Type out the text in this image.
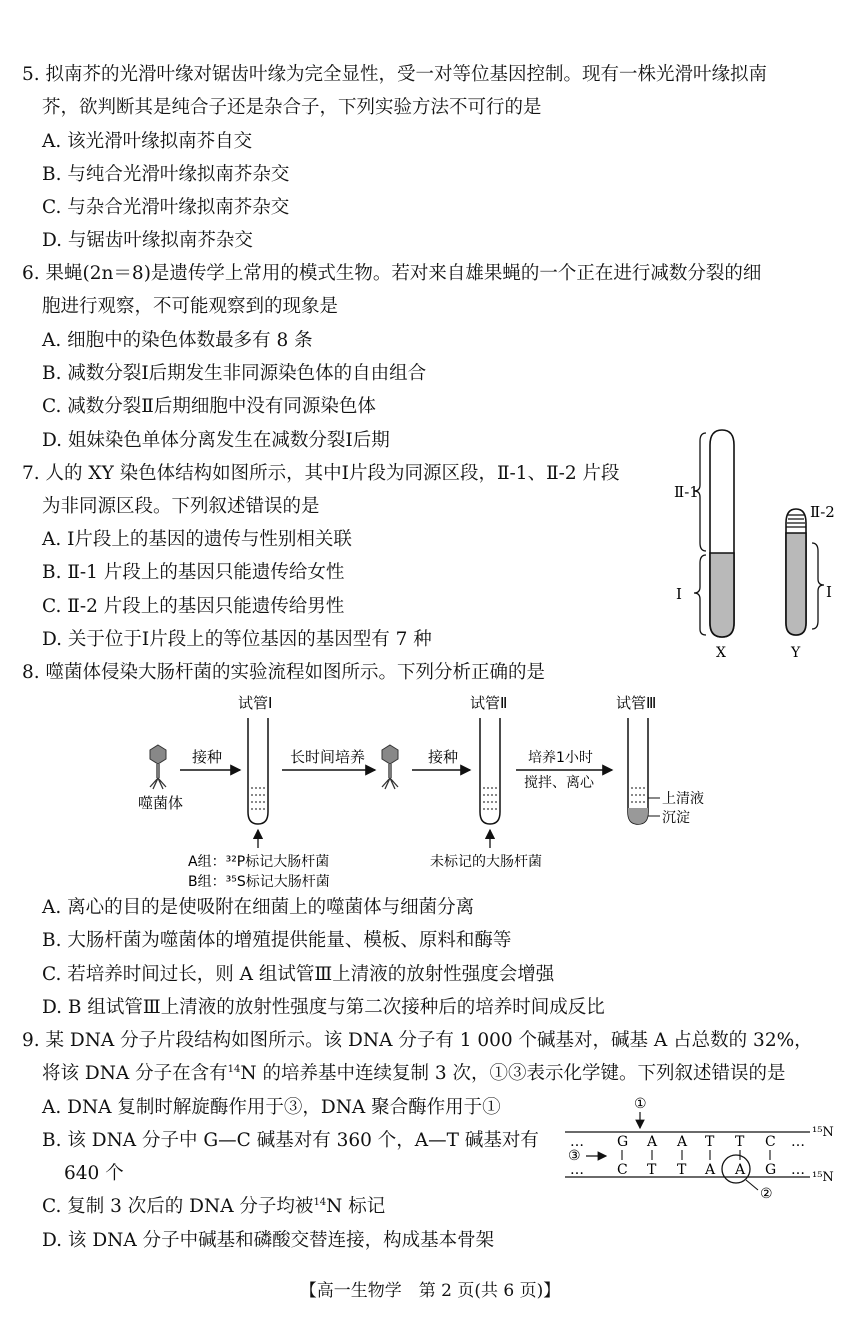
5. 拟南芥的光滑叶缘对锯齿叶缘为完全显性，受一对等位基因控制。现有一株光滑叶缘拟南
芥，欲判断其是纯合子还是杂合子，下列实验方法不可行的是
A. 该光滑叶缘拟南芥自交
B. 与纯合光滑叶缘拟南芥杂交
C. 与杂合光滑叶缘拟南芥杂交
D. 与锯齿叶缘拟南芥杂交
6. 果蝇(2n＝8)是遗传学上常用的模式生物。若对来自雄果蝇的一个正在进行减数分裂的细
胞进行观察，不可能观察到的现象是
A. 细胞中的染色体数最多有 8 条
B. 减数分裂Ⅰ后期发生非同源染色体的自由组合
C. 减数分裂Ⅱ后期细胞中没有同源染色体
D. 姐妹染色单体分离发生在减数分裂Ⅰ后期
7. 人的 XY 染色体结构如图所示，其中Ⅰ片段为同源区段，Ⅱ-1、Ⅱ-2 片段
为非同源区段。下列叙述错误的是
A. Ⅰ片段上的基因的遗传与性别相关联
B. Ⅱ-1 片段上的基因只能遗传给女性
C. Ⅱ-2 片段上的基因只能遗传给男性
D. 关于位于Ⅰ片段上的等位基因的基因型有 7 种
Ⅱ-1
Ⅰ
Ⅱ-2
Ⅰ
X	Y
8. 噬菌体侵染大肠杆菌的实验流程如图所示。下列分析正确的是
噬菌体
接种
试管Ⅰ
A组：³²P标记大肠杆菌
B组：³⁵S标记大肠杆菌
长时间培养	接种
试管Ⅱ
未标记的大肠杆菌
培养1小时
搅拌、离心
试管Ⅲ
上清液
沉淀
A. 离心的目的是使吸附在细菌上的噬菌体与细菌分离
B. 大肠杆菌为噬菌体的增殖提供能量、模板、原料和酶等
C. 若培养时间过长，则 A 组试管Ⅲ上清液的放射性强度会增强
D. B 组试管Ⅲ上清液的放射性强度与第二次接种后的培养时间成反比
9. 某 DNA 分子片段结构如图所示。该 DNA 分子有 1 000 个碱基对，碱基 A 占总数的 32%，
将该 DNA 分子在含有$^{14}$N 的培养基中连续复制 3 次，①③表示化学键。下列叙述错误的是
A. DNA 复制时解旋酶作用于③，DNA 聚合酶作用于①
B. 该 DNA 分子中 G—C 碱基对有 360 个，A—T 碱基对有
640 个
C. 复制 3 次后的 DNA 分子均被$^{14}$N 标记
D. 该 DNA 分子中碱基和磷酸交替连接，构成基本骨架
①
¹⁵N
¹⁵N
… G A A T T C …
… C T T A A G …
③
②
【高一生物学　第 2 页(共 6 页)】
